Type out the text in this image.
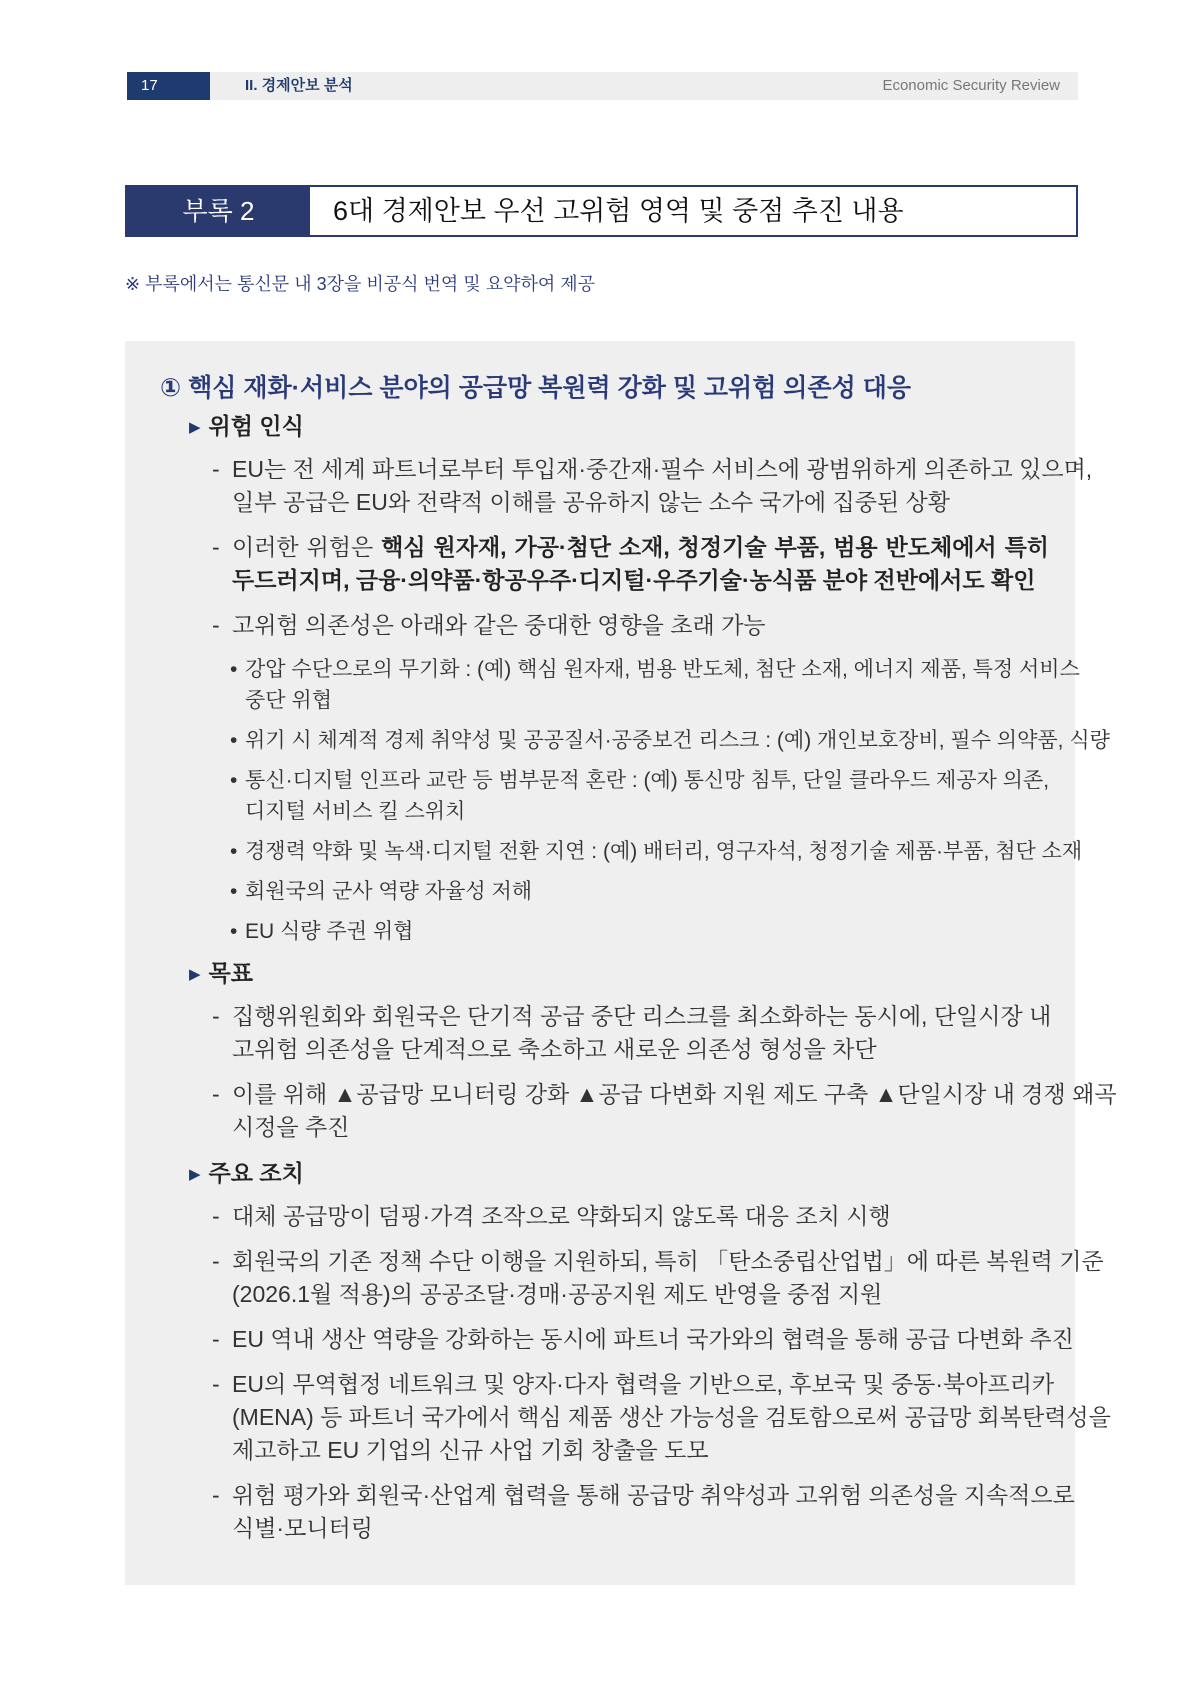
17	II. 경제안보 분석	Economic Security Review
부록 2	6대 경제안보 우선 고위험 영역 및 중점 추진 내용
※ 부록에서는 통신문 내 3장을 비공식 번역 및 요약하여 제공
① 핵심 재화·서비스 분야의 공급망 복원력 강화 및 고위험 의존성 대응
▶ 위험 인식
- EU는 전 세계 파트너로부터 투입재·중간재·필수 서비스에 광범위하게 의존하고 있으며,
일부 공급은 EU와 전략적 이해를 공유하지 않는 소수 국가에 집중된 상황
- 이러한 위험은 핵심 원자재, 가공·첨단 소재, 청정기술 부품, 범용 반도체에서 특히
두드러지며, 금융·의약품·항공우주·디지털·우주기술·농식품 분야 전반에서도 확인
- 고위험 의존성은 아래와 같은 중대한 영향을 초래 가능
• 강압 수단으로의 무기화 : (예) 핵심 원자재, 범용 반도체, 첨단 소재, 에너지 제품, 특정 서비스
중단 위협
• 위기 시 체계적 경제 취약성 및 공공질서·공중보건 리스크 : (예) 개인보호장비, 필수 의약품, 식량
• 통신·디지털 인프라 교란 등 범부문적 혼란 : (예) 통신망 침투, 단일 클라우드 제공자 의존,
디지털 서비스 킬 스위치
• 경쟁력 약화 및 녹색·디지털 전환 지연 : (예) 배터리, 영구자석, 청정기술 제품·부품, 첨단 소재
• 회원국의 군사 역량 자율성 저해
• EU 식량 주권 위협
▶ 목표
- 집행위원회와 회원국은 단기적 공급 중단 리스크를 최소화하는 동시에, 단일시장 내
고위험 의존성을 단계적으로 축소하고 새로운 의존성 형성을 차단
- 이를 위해 ▲공급망 모니터링 강화 ▲공급 다변화 지원 제도 구축 ▲단일시장 내 경쟁 왜곡
시정을 추진
▶ 주요 조치
- 대체 공급망이 덤핑·가격 조작으로 약화되지 않도록 대응 조치 시행
- 회원국의 기존 정책 수단 이행을 지원하되, 특히 「탄소중립산업법」에 따른 복원력 기준
(2026.1월 적용)의 공공조달·경매·공공지원 제도 반영을 중점 지원
- EU 역내 생산 역량을 강화하는 동시에 파트너 국가와의 협력을 통해 공급 다변화 추진
- EU의 무역협정 네트워크 및 양자·다자 협력을 기반으로, 후보국 및 중동·북아프리카
(MENA) 등 파트너 국가에서 핵심 제품 생산 가능성을 검토함으로써 공급망 회복탄력성을
제고하고 EU 기업의 신규 사업 기회 창출을 도모
- 위험 평가와 회원국·산업계 협력을 통해 공급망 취약성과 고위험 의존성을 지속적으로
식별·모니터링
